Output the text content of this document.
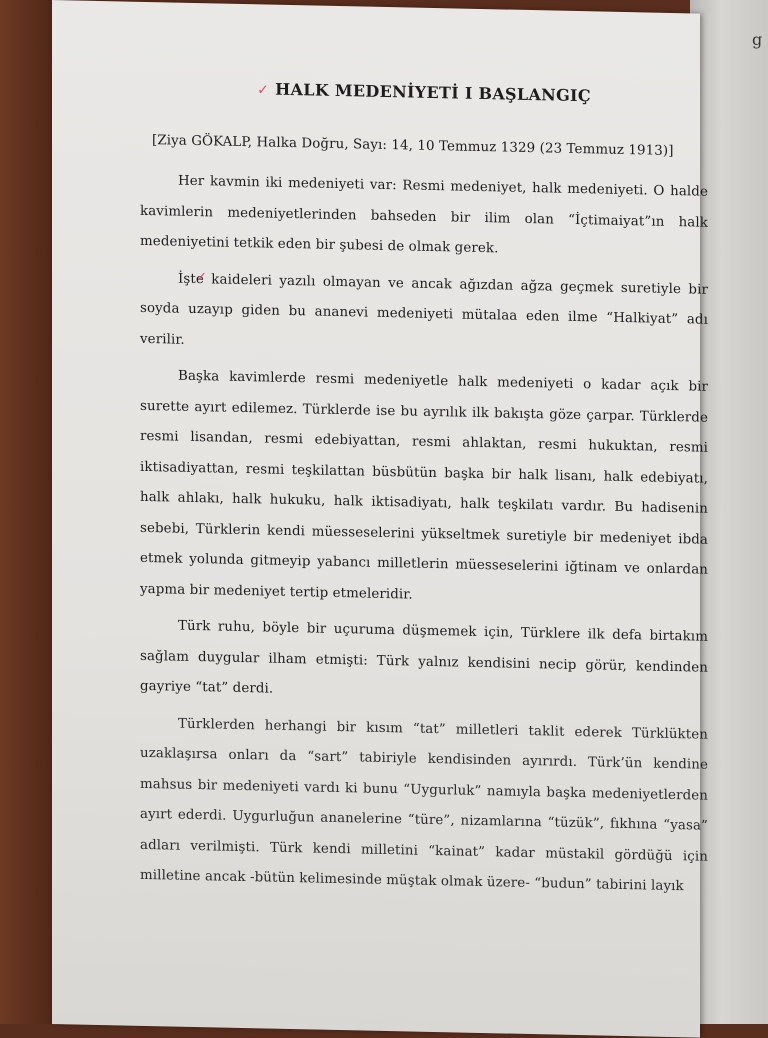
g
✓ HALK MEDENİYETİ I BAŞLANGIÇ

[Ziya GÖKALP, Halka Doğru, Sayı: 14, 10 Temmuz 1329 (23 Temmuz 1913)]

Her kavmin iki medeniyeti var: Resmi medeniyet, halk medeniyeti. O halde kavimlerin medeniyetlerinden bahseden bir ilim olan “İçtimaiyat”ın halk medeniyetini tetkik eden bir şubesi de olmak gerek.

✓ İşte kaideleri yazılı olmayan ve ancak ağızdan ağza geçmek suretiyle bir soyda uzayıp giden bu ananevi medeniyeti mütalaa eden ilme “Halkiyat” adı verilir.

Başka kavimlerde resmi medeniyetle halk medeniyeti o kadar açık bir surette ayırt edilemez. Türklerde ise bu ayrılık ilk bakışta göze çarpar. Türklerde resmi lisandan, resmi edebiyattan, resmi ahlaktan, resmi hukuktan, resmi iktisadiyattan, resmi teşkilattan büsbütün başka bir halk lisanı, halk edebiyatı, halk ahlakı, halk hukuku, halk iktisadiyatı, halk teşkilatı vardır. Bu hadisenin sebebi, Türklerin kendi müesseselerini yükseltmek suretiyle bir medeniyet ibda etmek yolunda gitmeyip yabancı milletlerin müesseselerini iğtinam ve onlardan yapma bir medeniyet tertip etmeleridir.

Türk ruhu, böyle bir uçuruma düşmemek için, Türklere ilk defa birtakım sağlam duygular ilham etmişti: Türk yalnız kendisini necip görür, kendinden gayriye “tat” derdi.

Türklerden herhangi bir kısım “tat” milletleri taklit ederek Türklükten uzaklaşırsa onları da “sart” tabiriyle kendisinden ayırırdı. Türk’ün kendine mahsus bir medeniyeti vardı ki bunu “Uygurluk” namıyla başka medeniyetlerden ayırt ederdi. Uygurluğun ananelerine “türe”, nizamlarına “tüzük”, fıkhına “yasa” adları verilmişti. Türk kendi milletini “kainat” kadar müstakil gördüğü için milletine ancak -bütün kelimesinde müştak olmak üzere- “budun” tabirini layık
